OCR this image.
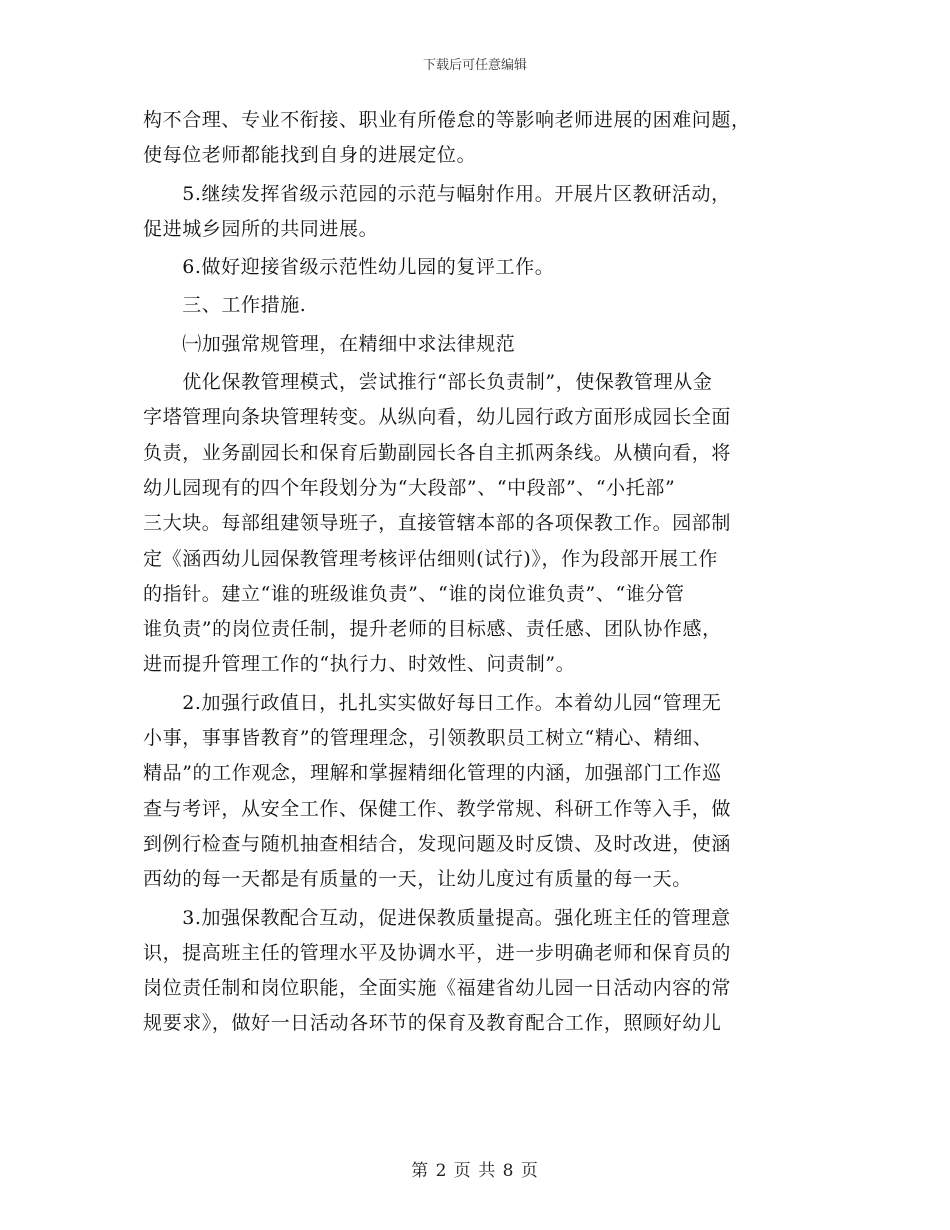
下载后可任意编辑
构不合理、专业不衔接、职业有所倦怠的等影响老师进展的困难问题，
使每位老师都能找到自身的进展定位。
　　5.继续发挥省级示范园的示范与幅射作用。开展片区教研活动，
促进城乡园所的共同进展。
　　6.做好迎接省级示范性幼儿园的复评工作。
　　三、工作措施.
　　㈠加强常规管理，在精细中求法律规范
　　优化保教管理模式，尝试推行“部长负责制”，使保教管理从金
字塔管理向条块管理转变。从纵向看，幼儿园行政方面形成园长全面
负责，业务副园长和保育后勤副园长各自主抓两条线。从横向看，将
幼儿园现有的四个年段划分为“大段部”、“中段部”、“小托部”
三大块。每部组建领导班子，直接管辖本部的各项保教工作。园部制
定《涵西幼儿园保教管理考核评估细则(试行)》，作为段部开展工作
的指针。建立“谁的班级谁负责”、“谁的岗位谁负责”、“谁分管
谁负责”的岗位责任制，提升老师的目标感、责任感、团队协作感，
进而提升管理工作的“执行力、时效性、问责制”。
　　2.加强行政值日，扎扎实实做好每日工作。本着幼儿园“管理无
小事，事事皆教育”的管理理念，引领教职员工树立“精心、精细、
精品”的工作观念，理解和掌握精细化管理的内涵，加强部门工作巡
查与考评，从安全工作、保健工作、教学常规、科研工作等入手，做
到例行检查与随机抽查相结合，发现问题及时反馈、及时改进，使涵
西幼的每一天都是有质量的一天，让幼儿度过有质量的每一天。
　　3.加强保教配合互动，促进保教质量提高。强化班主任的管理意
识，提高班主任的管理水平及协调水平，进一步明确老师和保育员的
岗位责任制和岗位职能，全面实施《福建省幼儿园一日活动内容的常
规要求》，做好一日活动各环节的保育及教育配合工作，照顾好幼儿
第 2 页 共 8 页
